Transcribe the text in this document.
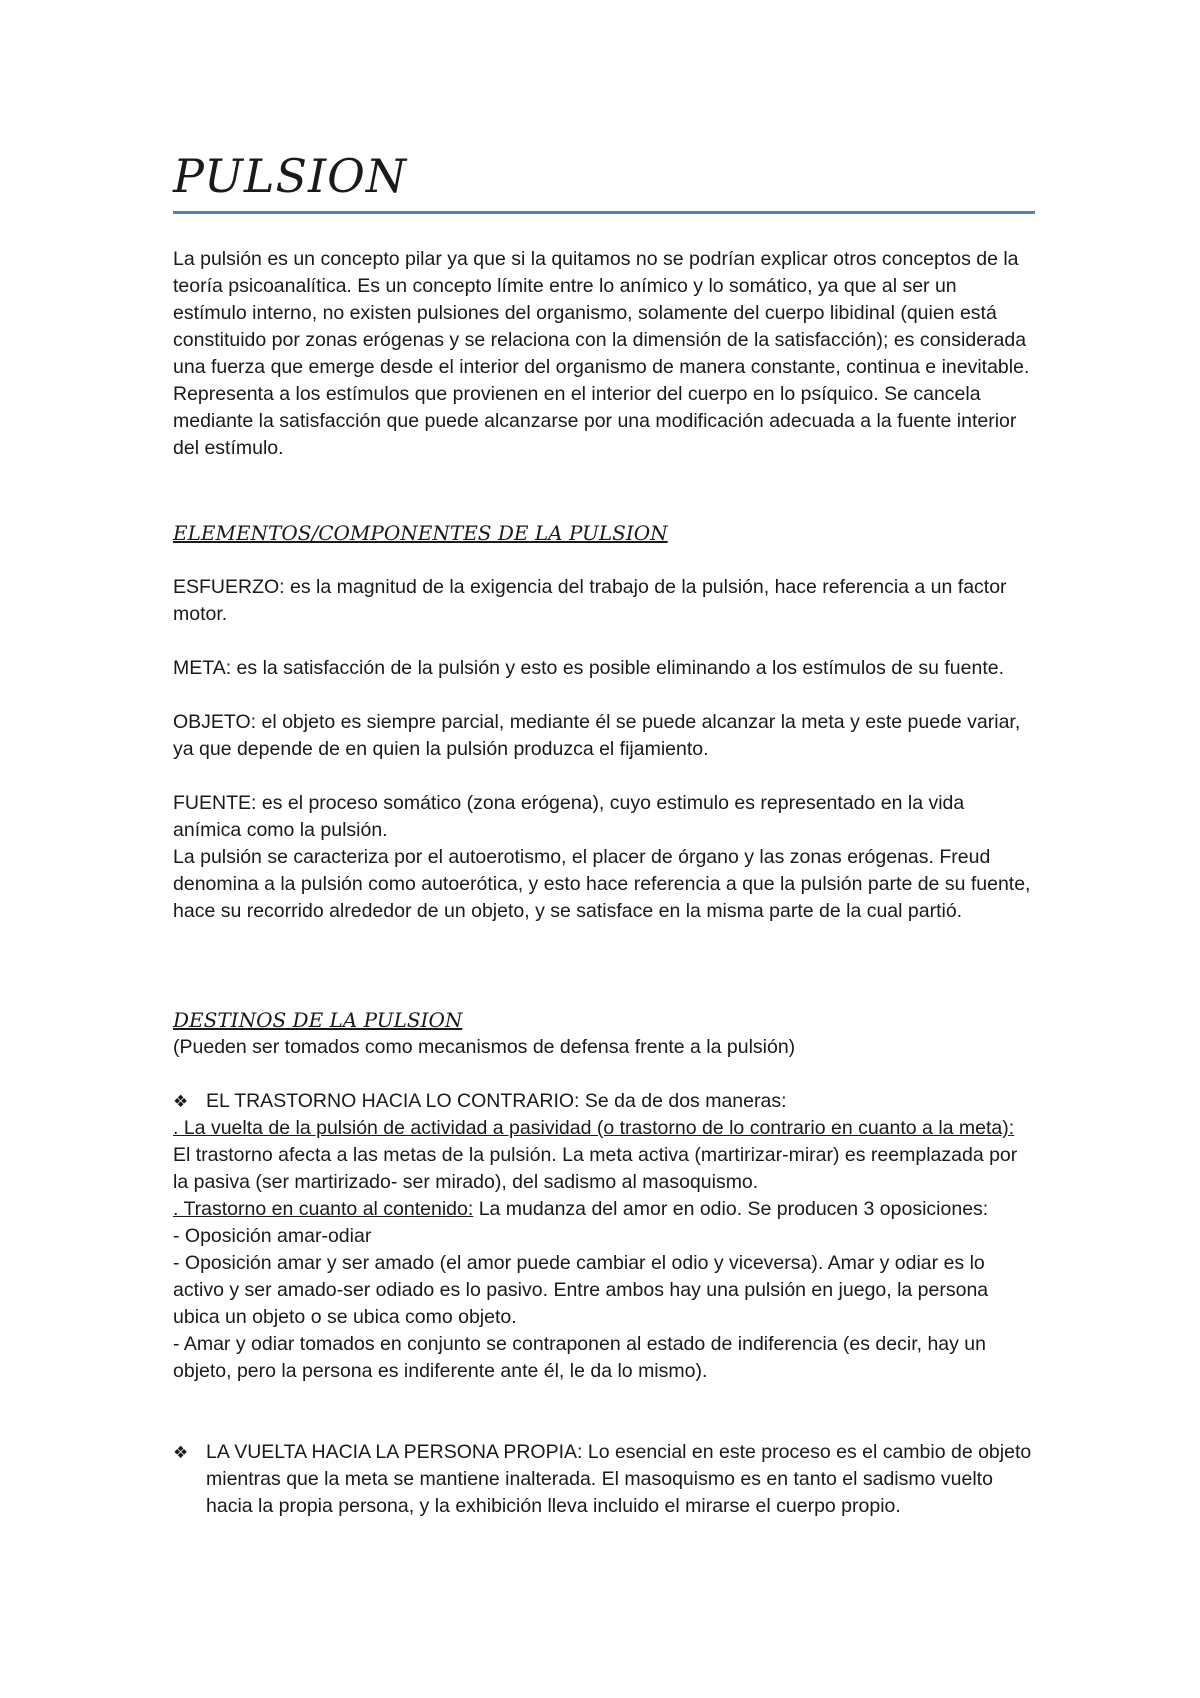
PULSION

La pulsión es un concepto pilar ya que si la quitamos no se podrían explicar otros conceptos de la teoría psicoanalítica. Es un concepto límite entre lo anímico y lo somático, ya que al ser un estímulo interno, no existen pulsiones del organismo, solamente del cuerpo libidinal (quien está constituido por zonas erógenas y se relaciona con la dimensión de la satisfacción); es considerada una fuerza que emerge desde el interior del organismo de manera constante, continua e inevitable.

Representa a los estímulos que provienen en el interior del cuerpo en lo psíquico. Se cancela mediante la satisfacción que puede alcanzarse por una modificación adecuada a la fuente interior del estímulo.

ELEMENTOS/COMPONENTES DE LA PULSION
ESFUERZO: es la magnitud de la exigencia del trabajo de la pulsión, hace referencia a un factor motor.
META: es la satisfacción de la pulsión y esto es posible eliminando a los estímulos de su fuente.
OBJETO: el objeto es siempre parcial, mediante él se puede alcanzar la meta y este puede variar, ya que depende de en quien la pulsión produzca el fijamiento.

FUENTE: es el proceso somático (zona erógena), cuyo estimulo es representado en la vida anímica como la pulsión.

La pulsión se caracteriza por el autoerotismo, el placer de órgano y las zonas erógenas. Freud denomina a la pulsión como autoerótica, y esto hace referencia a que la pulsión parte de su fuente, hace su recorrido alrededor de un objeto, y se satisface en la misma parte de la cual partió.

DESTINOS DE LA PULSION
(Pueden ser tomados como mecanismos de defensa frente a la pulsión)
❖ EL TRASTORNO HACIA LO CONTRARIO: Se da de dos maneras:

. La vuelta de la pulsión de actividad a pasividad (o trastorno de lo contrario en cuanto a la meta): El trastorno afecta a las metas de la pulsión. La meta activa (martirizar-mirar) es reemplazada por la pasiva (ser martirizado- ser mirado), del sadismo al masoquismo.

. Trastorno en cuanto al contenido: La mudanza del amor en odio. Se producen 3 oposiciones:

- Oposición amar-odiar

- Oposición amar y ser amado (el amor puede cambiar el odio y viceversa). Amar y odiar es lo activo y ser amado-ser odiado es lo pasivo. Entre ambos hay una pulsión en juego, la persona ubica un objeto o se ubica como objeto.

- Amar y odiar tomados en conjunto se contraponen al estado de indiferencia (es decir, hay un objeto, pero la persona es indiferente ante él, le da lo mismo).

❖ LA VUELTA HACIA LA PERSONA PROPIA: Lo esencial en este proceso es el cambio de objeto mientras que la meta se mantiene inalterada. El masoquismo es en tanto el sadismo vuelto hacia la propia persona, y la exhibición lleva incluido el mirarse el cuerpo propio.
